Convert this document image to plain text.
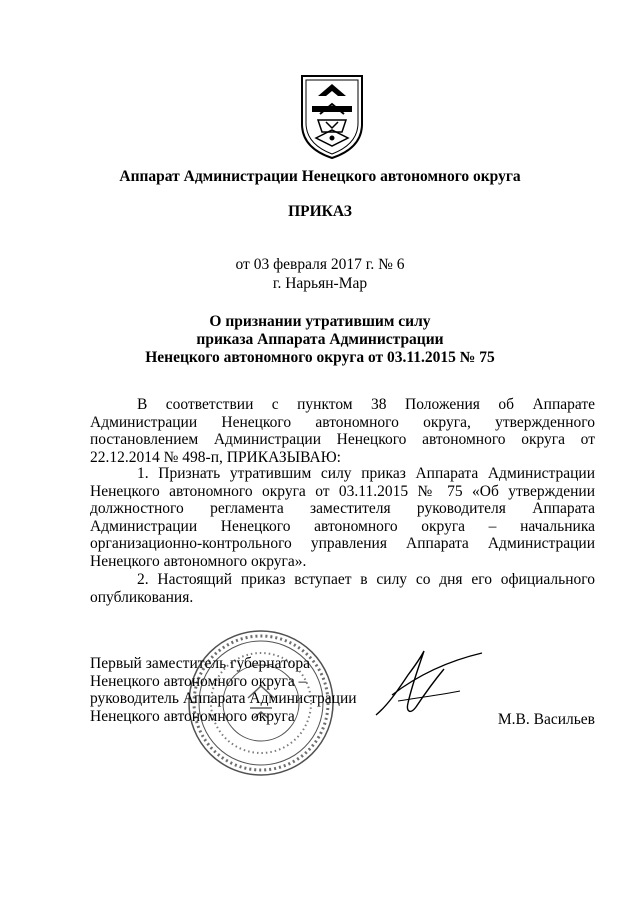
Аппарат Администрации Ненецкого автономного округа
ПРИКАЗ
от 03 февраля 2017 г. № 6
г. Нарьян-Мар
О признании утратившим силу
приказа Аппарата Администрации
Ненецкого автономного округа от 03.11.2015 № 75

В соответствии с пунктом 38 Положения об Аппарате Администрации Ненецкого автономного округа, утвержденного постановлением Администрации Ненецкого автономного округа от 22.12.2014 № 498-п, ПРИКАЗЫВАЮ:

1. Признать утратившим силу приказ Аппарата Администрации Ненецкого автономного округа от 03.11.2015 № 75 «Об утверждении должностного регламента заместителя руководителя Аппарата Администрации Ненецкого автономного округа – начальника организационно-контрольного управления Аппарата Администрации Ненецкого автономного округа».

2. Настоящий приказ вступает в силу со дня его официального опубликования.

Первый заместитель губернатора
Ненецкого автономного округа –
руководитель Аппарата Администрации
Ненецкого автономного округа	М.В. Васильев
